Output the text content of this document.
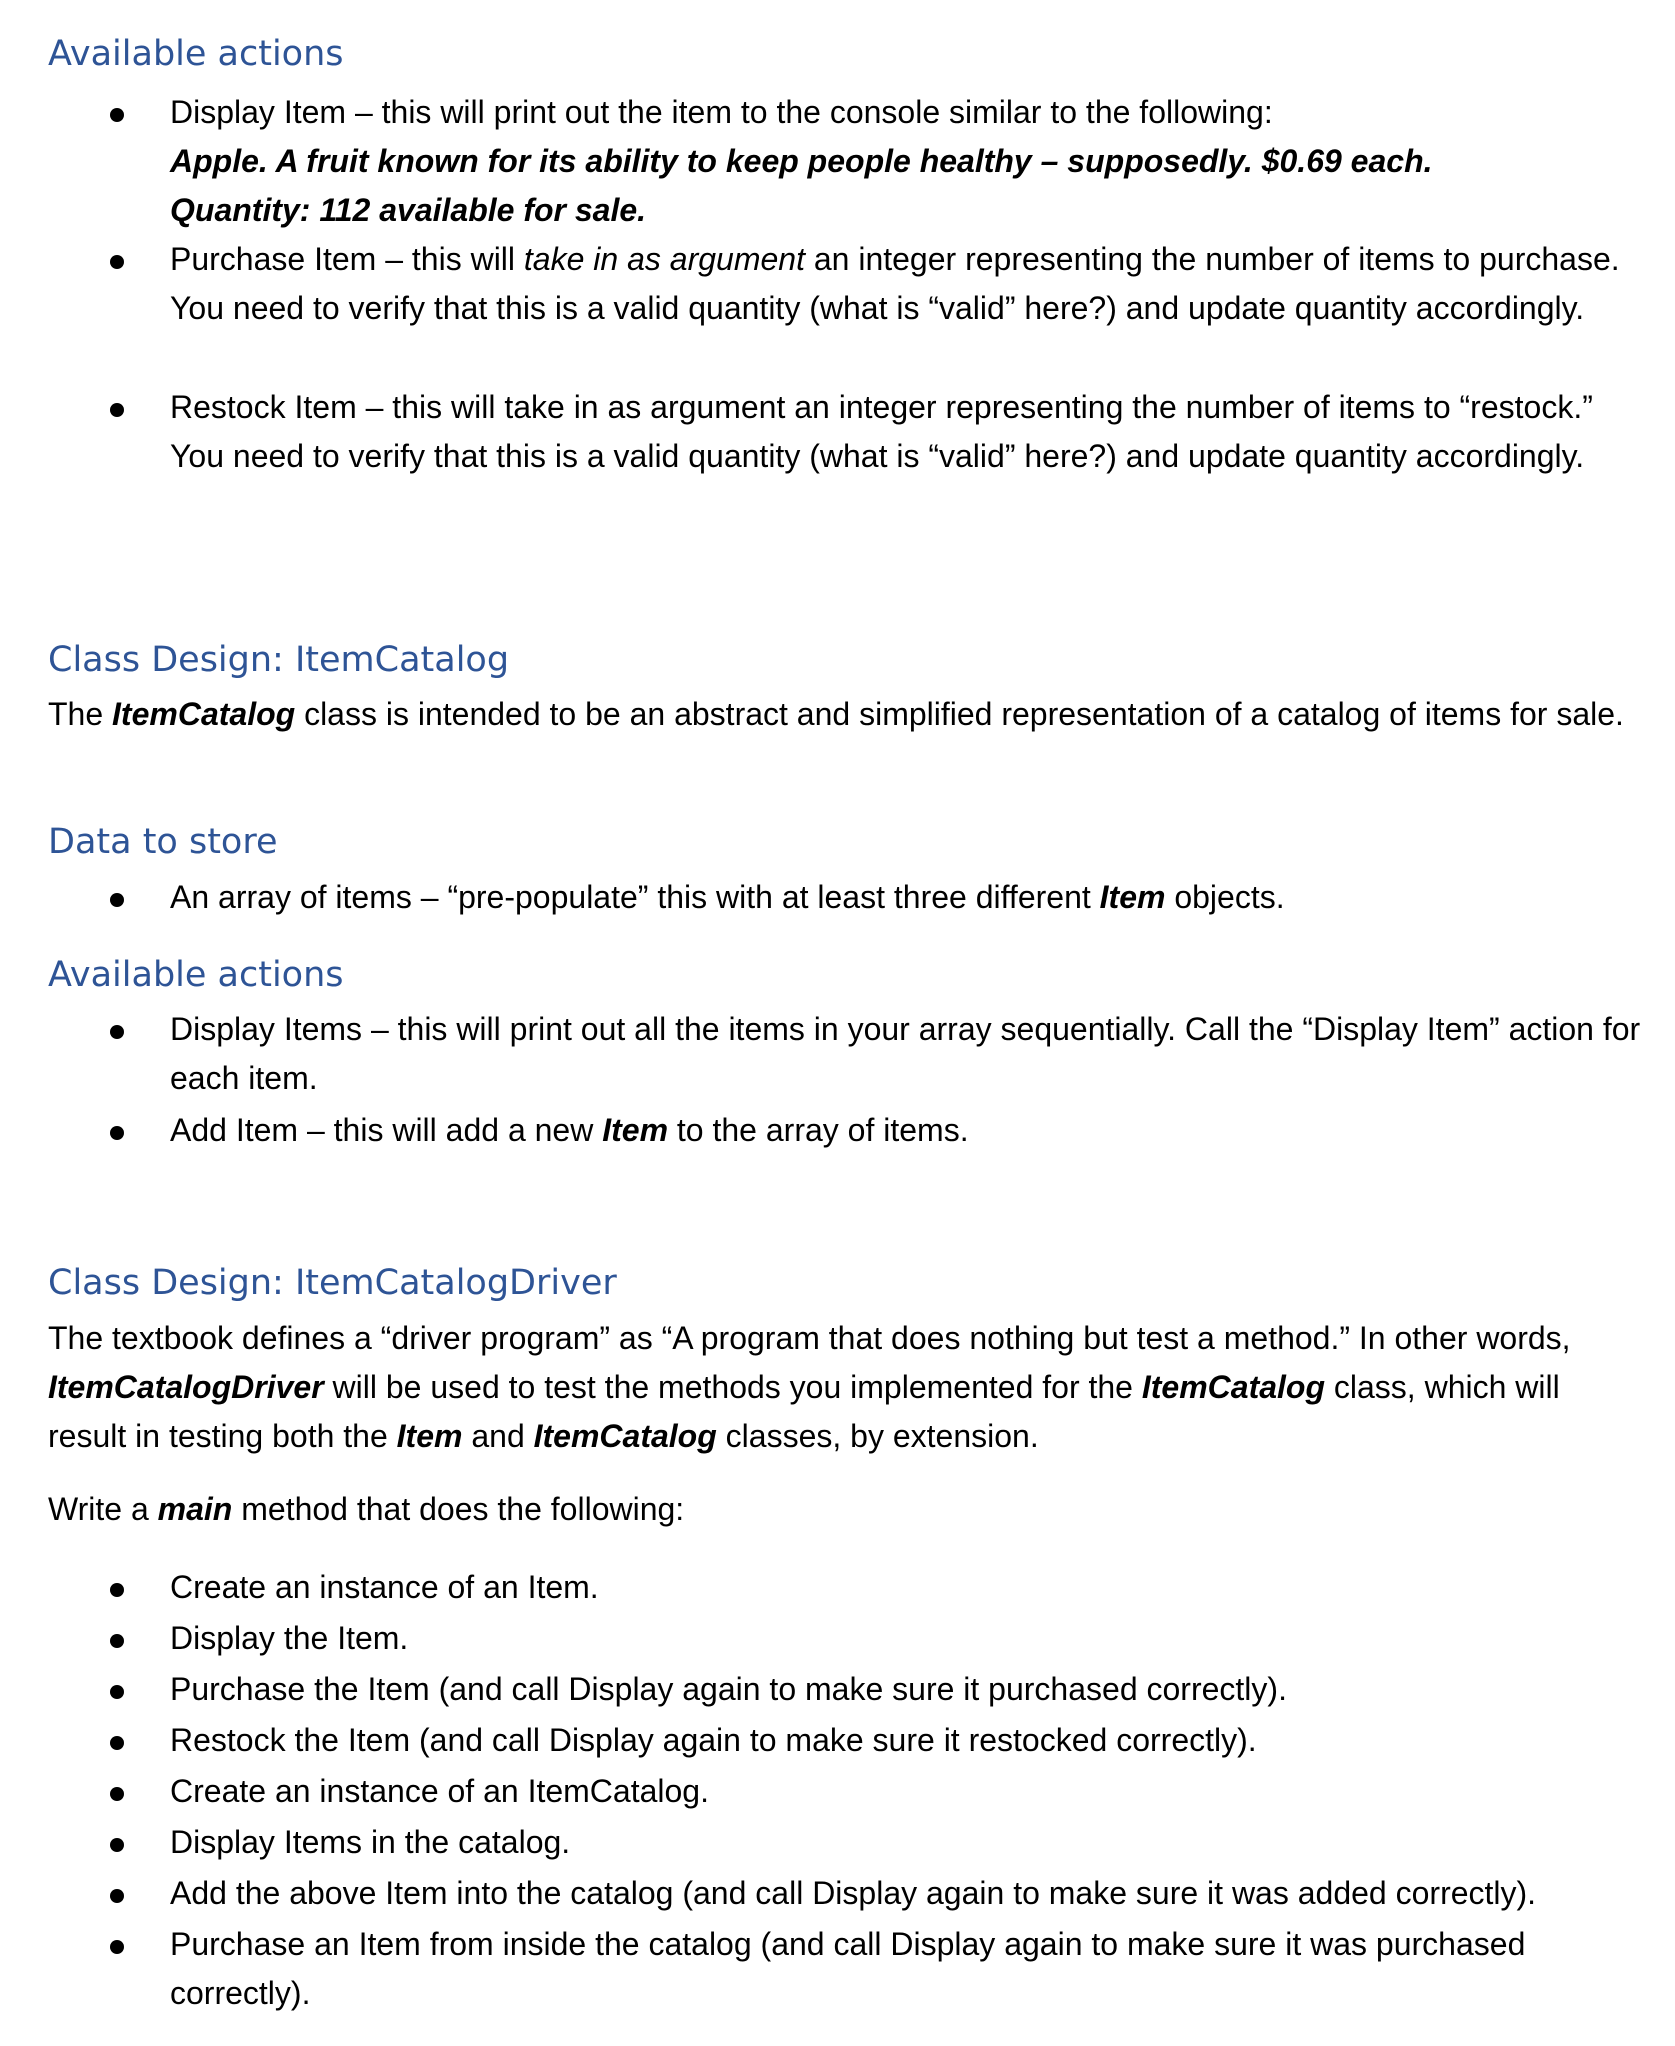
Available actions

Display Item – this will print out the item to the console similar to the following:
Apple. A fruit known for its ability to keep people healthy – supposedly. $0.69 each.
Quantity: 112 available for sale.

Purchase Item – this will take in as argument an integer representing the number of items to purchase. You need to verify that this is a valid quantity (what is “valid” here?) and update quantity accordingly.

Restock Item – this will take in as argument an integer representing the number of items to “restock.” You need to verify that this is a valid quantity (what is “valid” here?) and update quantity accordingly.

Class Design: ItemCatalog

The ItemCatalog class is intended to be an abstract and simplified representation of a catalog of items for sale.

Data to store

An array of items – “pre-populate” this with at least three different Item objects.

Available actions

Display Items – this will print out all the items in your array sequentially. Call the “Display Item” action for each item.

Add Item – this will add a new Item to the array of items.

Class Design: ItemCatalogDriver

The textbook defines a “driver program” as “A program that does nothing but test a method.” In other words, ItemCatalogDriver will be used to test the methods you implemented for the ItemCatalog class, which will result in testing both the Item and ItemCatalog classes, by extension.

Write a main method that does the following:

Create an instance of an Item.

Display the Item.

Purchase the Item (and call Display again to make sure it purchased correctly).

Restock the Item (and call Display again to make sure it restocked correctly).

Create an instance of an ItemCatalog.

Display Items in the catalog.

Add the above Item into the catalog (and call Display again to make sure it was added correctly).

Purchase an Item from inside the catalog (and call Display again to make sure it was purchased correctly).
